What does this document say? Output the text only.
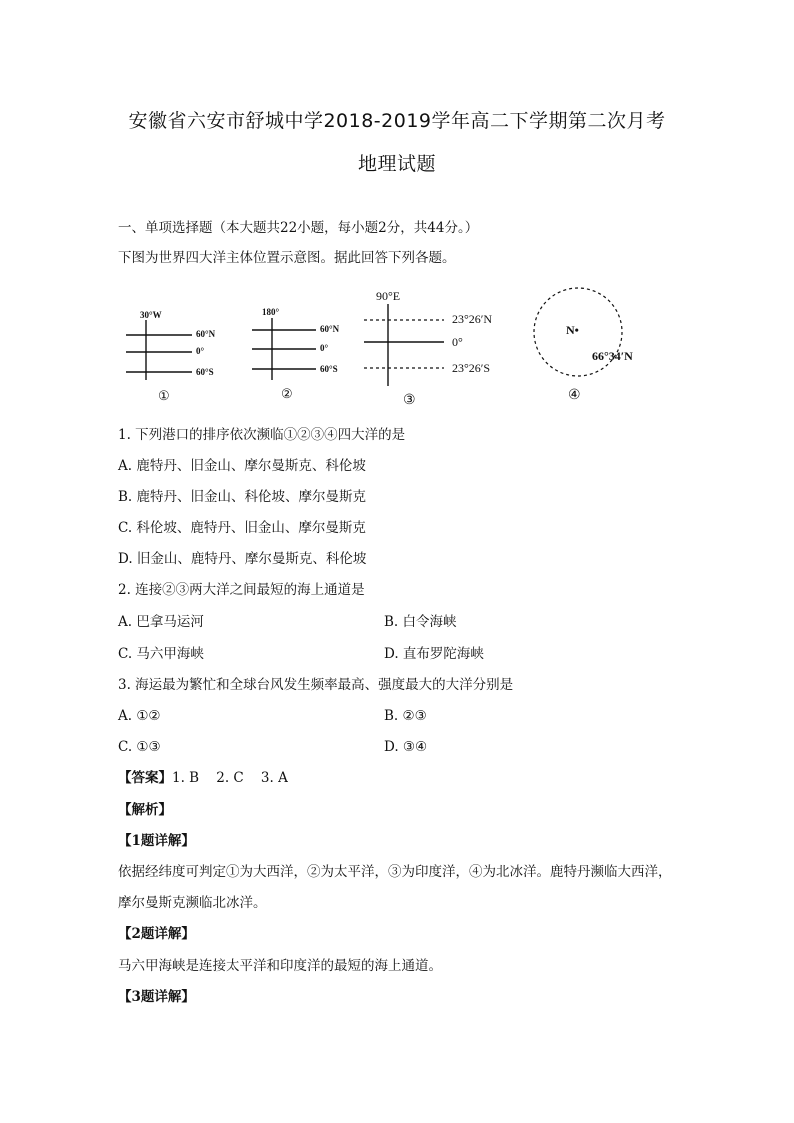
安徽省六安市舒城中学2018-2019学年高二下学期第二次月考
地理试题
一、单项选择题（本大题共22小题，每小题2分，共44分。）
下图为世界四大洋主体位置示意图。据此回答下列各题。
30°W
60°N
0°
60°S
①
180°
60°N
0°
60°S
②
90°E
23°26′N
0°
23°26′S
③
N•
66°34′N
④
1. 下列港口的排序依次濒临①②③④四大洋的是
A. 鹿特丹、旧金山、摩尔曼斯克、科伦坡
B. 鹿特丹、旧金山、科伦坡、摩尔曼斯克
C. 科伦坡、鹿特丹、旧金山、摩尔曼斯克
D. 旧金山、鹿特丹、摩尔曼斯克、科伦坡
2. 连接②③两大洋之间最短的海上通道是
A. 巴拿马运河	B. 白令海峡
C. 马六甲海峡	D. 直布罗陀海峡
3. 海运最为繁忙和全球台风发生频率最高、强度最大的大洋分别是
A. ①②	B. ②③
C. ①③	D. ③④
【答案】1. B    2. C    3. A
【解析】
【1题详解】
依据经纬度可判定①为大西洋，②为太平洋，③为印度洋，④为北冰洋。鹿特丹濒临大西洋，
摩尔曼斯克濒临北冰洋。
【2题详解】
马六甲海峡是连接太平洋和印度洋的最短的海上通道。
【3题详解】
